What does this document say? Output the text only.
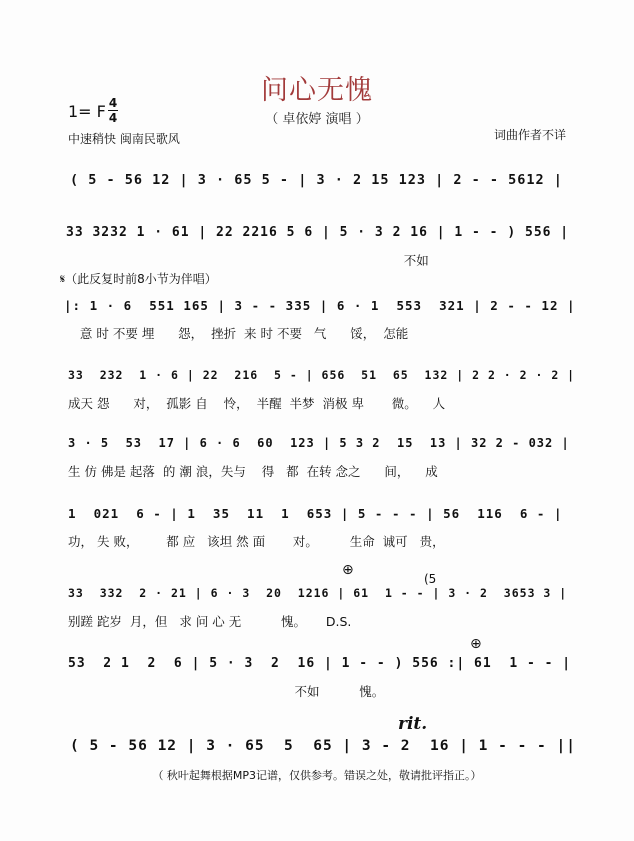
问心无愧
（ 卓依婷 演唱 ）
1= F 4
4
中速稍快 闽南民歌风	词曲作者不详
( 5 - 56 12 | 3 · 65 5 - | 3 · 2 15 123 | 2 - - 5612 |
33 3232 1 · 61 | 22 2216 5 6 | 5 · 3 2 16 | 1 - - ) 556 |
不如
𝄋（此反复时前8小节为伴唱）
|: 1 · 6  551 165 | 3 - - 335 | 6 · 1  553  321 | 2 - - 12 |
意 时 不要 埋      怨，  挫折  来 时 不要   气      馁，  怎能
33  232  1 · 6 | 22  216  5 - | 656  51  65  132 | 2 2 · 2 · 2 |
成天 怨      对，  孤影 自    怜，  半醒  半梦  消极 卑       微。    人
3 · 5  53  17 | 6 · 6  60  123 | 5 3 2  15  13 | 32 2 - 032 |
生 仿 佛是 起落  的 潮 浪，失与    得   都  在转 念之      间，    成
1  021  6 - | 1  35  11  1  653 | 5 - - - | 56  116  6 - |
功， 失 败，       都 应   该坦 然 面       对。        生命  诚可   贵，
⊕
(5
33  332  2 · 21 | 6 · 3  20  1216 | 61  1 - - | 3 · 2  3653 3 |
别蹉 跎岁  月，但   求 问 心 无          愧。     D.S.
⊕
53  2 1  2  6 | 5 · 3  2  16 | 1 - - ) 556 :| 61  1 - - |
不如          愧。
rit.
( 5 - 56 12 | 3 · 65  5  65 | 3 - 2  16 | 1 - - - ||
（ 秋叶起舞根据MP3记谱，仅供参考。错误之处，敬请批评指正。）
